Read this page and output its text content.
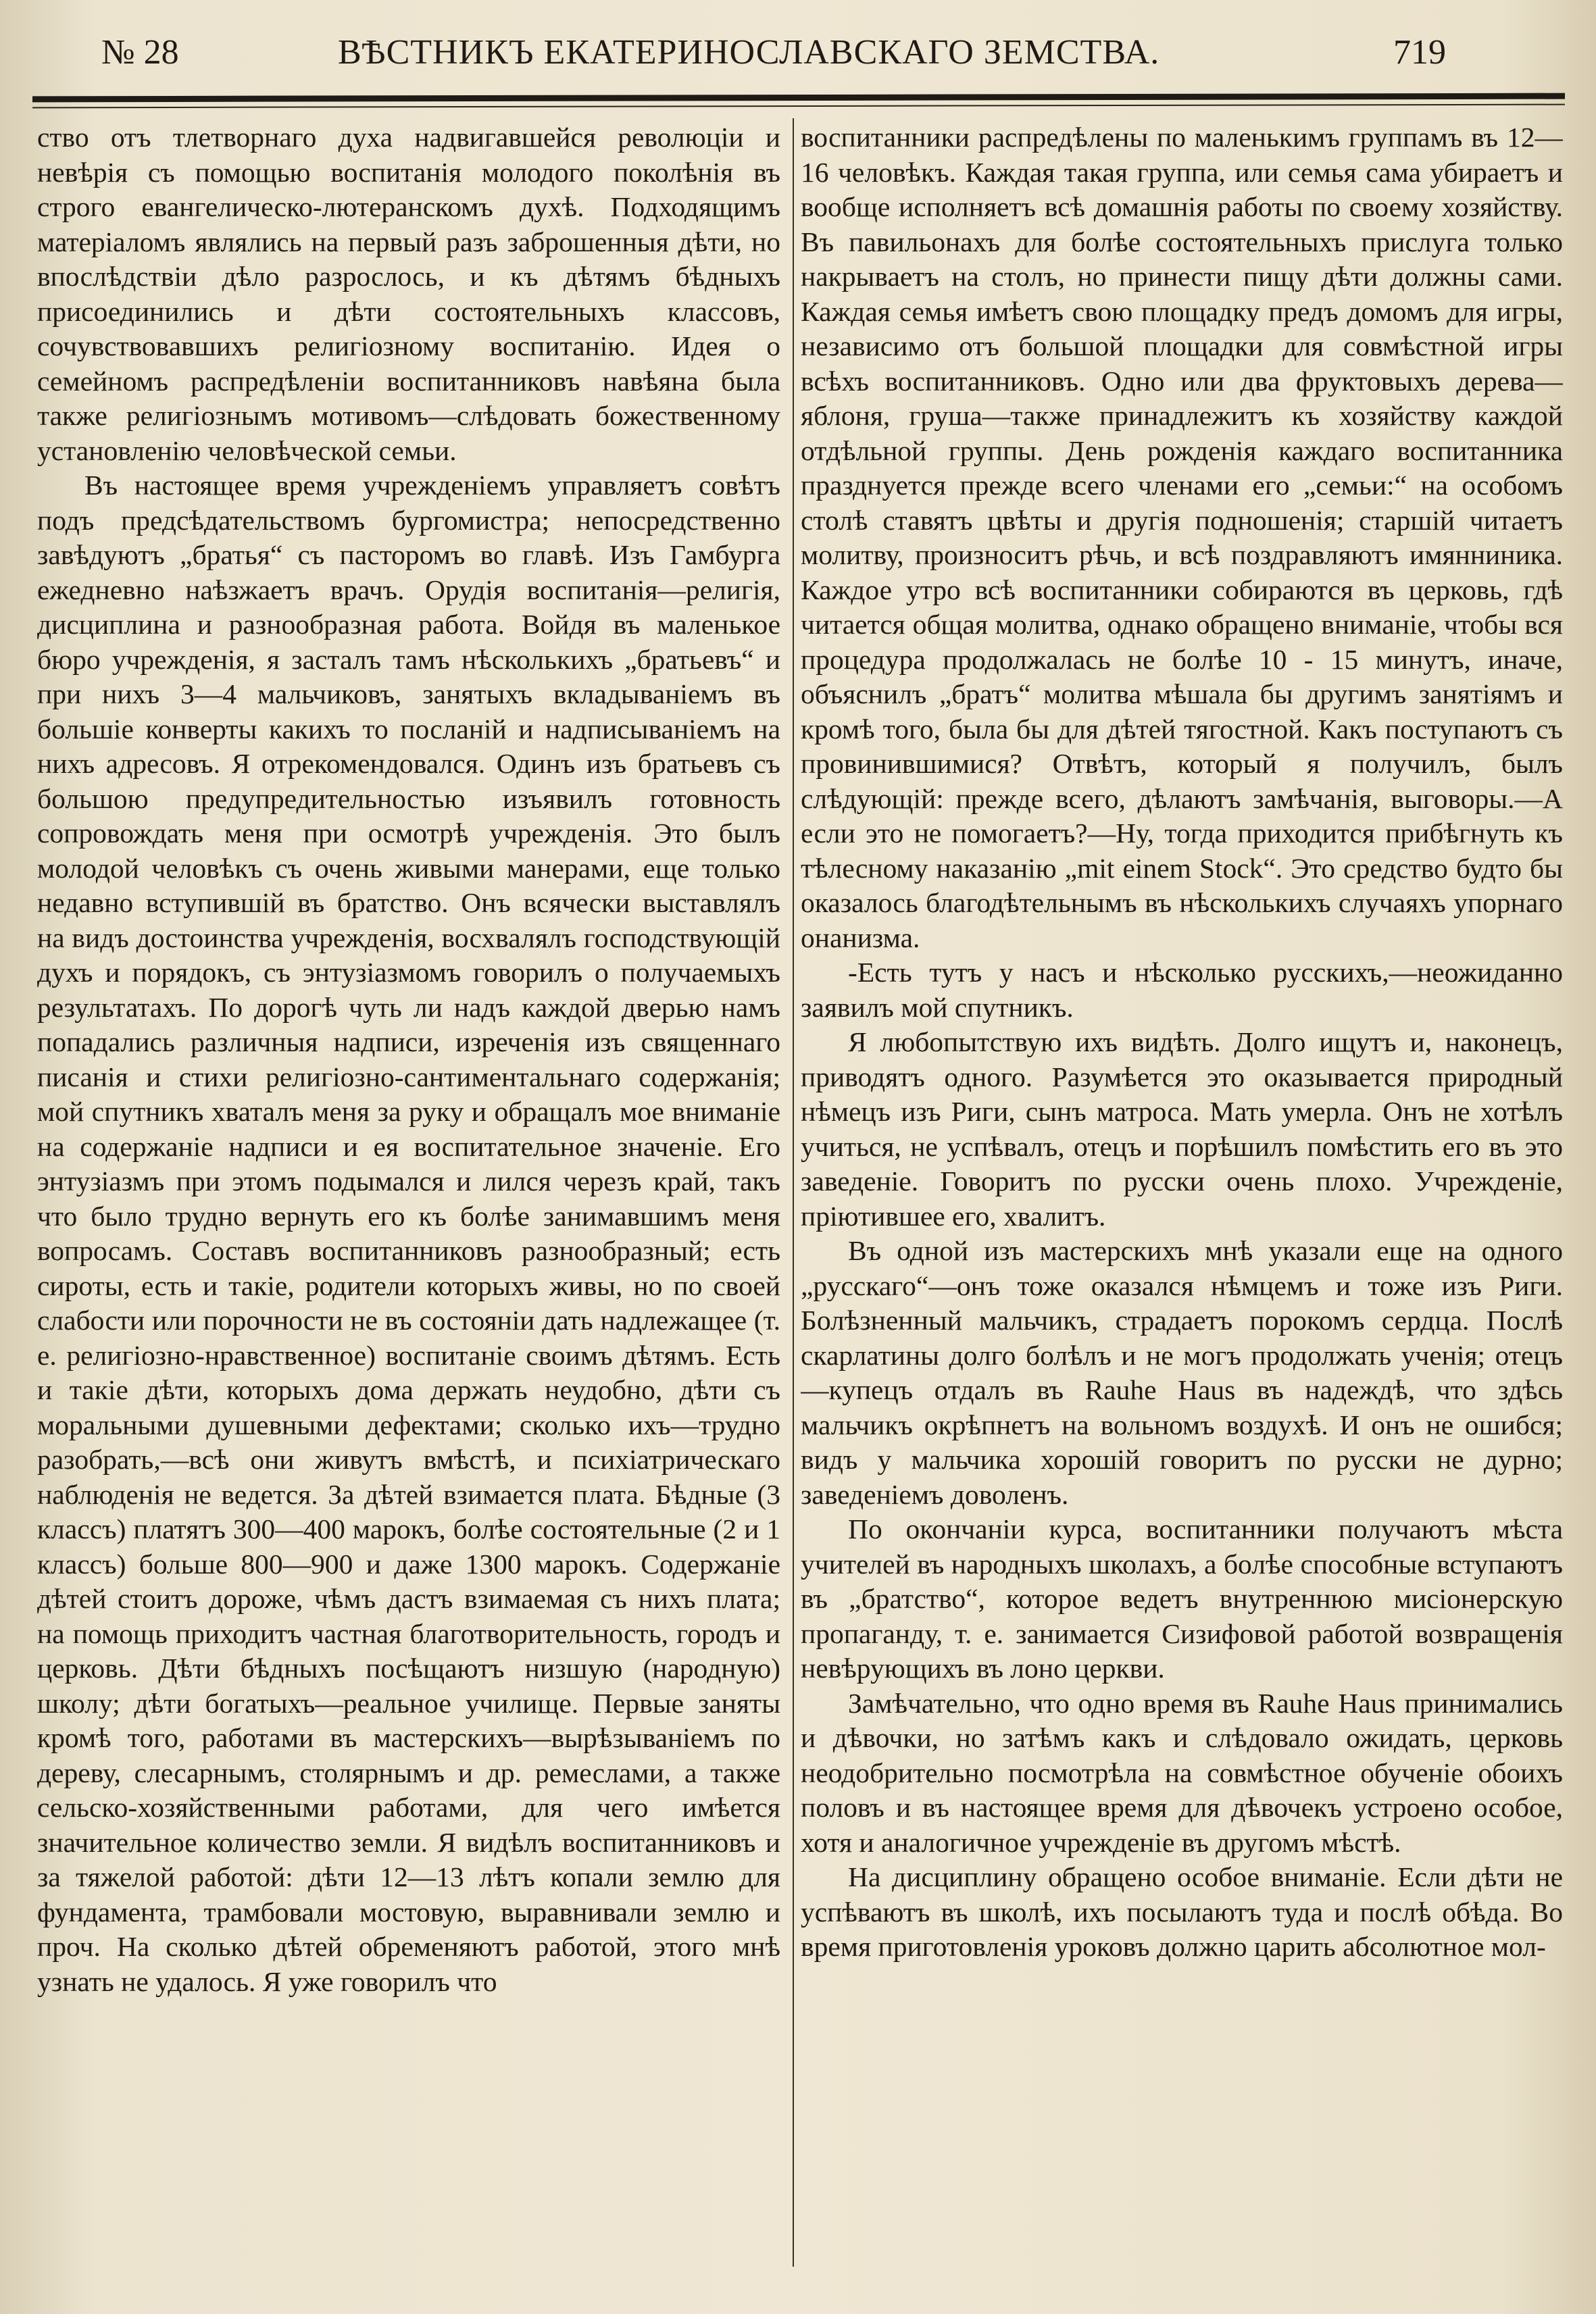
№ 28	ВѢСТНИКЪ ЕКАТЕРИНОСЛАВСКАГО ЗЕМСТВА.	719

ство отъ тлетворнаго духа надвигавшейся революціи и невѣрія съ помощью воспитанія молодого поколѣнія въ строго евангелическо-лютеранскомъ духѣ. Подходящимъ матеріаломъ являлись на первый разъ заброшенныя дѣти, но впослѣдствіи дѣло разрослось, и къ дѣтямъ бѣдныхъ присоединились и дѣти состоятельныхъ классовъ, сочувствовавшихъ религіозному воспитанію. Идея о семейномъ распредѣленіи воспитанниковъ навѣяна была также религіознымъ мотивомъ—слѣдовать божественному установленію человѣческой семьи.

Въ настоящее время учрежденіемъ управляетъ совѣтъ подъ предсѣдательствомъ бургомистра; непосредственно завѣдуютъ „братья“ съ пасторомъ во главѣ. Изъ Гамбурга ежедневно наѣзжаетъ врачъ. Орудія воспитанія—религія, дисциплина и разнообразная работа. Войдя въ маленькое бюро учрежденія, я засталъ тамъ нѣсколькихъ „братьевъ“ и при нихъ 3—4 мальчиковъ, занятыхъ вкладываніемъ въ большіе конверты какихъ то посланій и надписываніемъ на нихъ адресовъ. Я отрекомендовался. Одинъ изъ братьевъ съ большою предупредительностью изъявилъ готовность сопровождать меня при осмотрѣ учрежденія. Это былъ молодой человѣкъ съ очень живыми манерами, еще только недавно вступившій въ братство. Онъ всячески выставлялъ на видъ достоинства учрежденія, восхвалялъ господствующій духъ и порядокъ, съ энтузіазмомъ говорилъ о получаемыхъ результатахъ. По дорогѣ чуть ли надъ каждой дверью намъ попадались различныя надписи, изреченія изъ священнаго писанія и стихи религіозно-сантиментальнаго содержанія; мой спутникъ хваталъ меня за руку и обращалъ мое вниманіе на содержаніе надписи и ея воспитательное значеніе. Его энтузіазмъ при этомъ подымался и лился черезъ край, такъ что было трудно вернуть его къ болѣе занимавшимъ меня вопросамъ. Составъ воспитанниковъ разнообразный; есть сироты, есть и такіе, родители которыхъ живы, но по своей слабости или порочности не въ состояніи дать надлежащее (т. е. религіозно-нравственное) воспитаніе своимъ дѣтямъ. Есть и такіе дѣти, которыхъ дома держать неудобно, дѣти съ моральными душевными дефектами; сколько ихъ—трудно разобрать,—всѣ они живутъ вмѣстѣ, и психіатрическаго наблюденія не ведется. За дѣтей взимается плата. Бѣдные (3 классъ) платятъ 300—400 марокъ, болѣе состоятельные (2 и 1 классъ) больше 800—900 и даже 1300 марокъ. Содержаніе дѣтей стоитъ дороже, чѣмъ дастъ взимаемая съ нихъ плата; на помощь приходитъ частная благотворительность, городъ и церковь. Дѣти бѣдныхъ посѣщаютъ низшую (народную) школу; дѣти богатыхъ—реальное училище. Первые заняты кромѣ того, работами въ мастерскихъ—вырѣзываніемъ по дереву, слесарнымъ, столярнымъ и др. ремеслами, а также сельско-хозяйственными работами, для чего имѣется значительное количество земли. Я видѣлъ воспитанниковъ и за тяжелой работой: дѣти 12—13 лѣтъ копали землю для фундамента, трамбовали мостовую, выравнивали землю и проч. На сколько дѣтей обременяютъ работой, этого мнѣ узнать не удалось. Я уже говорилъ что

воспитанники распредѣлены по маленькимъ группамъ въ 12—16 человѣкъ. Каждая такая группа, или семья сама убираетъ и вообще исполняетъ всѣ домашнія работы по своему хозяйству. Въ павильонахъ для болѣе состоятельныхъ прислуга только накрываетъ на столъ, но принести пищу дѣти должны сами. Каждая семья имѣетъ свою площадку предъ домомъ для игры, независимо отъ большой площадки для совмѣстной игры всѣхъ воспитанниковъ. Одно или два фруктовыхъ дерева—яблоня, груша—также принадлежитъ къ хозяйству каждой отдѣльной группы. День рожденія каждаго воспитанника празднуется прежде всего членами его „семьи:“ на особомъ столѣ ставятъ цвѣты и другія подношенія; старшій читаетъ молитву, произноситъ рѣчь, и всѣ поздравляютъ имянниника. Каждое утро всѣ воспитанники собираются въ церковь, гдѣ читается общая молитва, однако обращено вниманіе, чтобы вся процедура продолжалась не болѣе 10 - 15 минутъ, иначе, объяснилъ „братъ“ молитва мѣшала бы другимъ занятіямъ и кромѣ того, была бы для дѣтей тягостной. Какъ поступаютъ съ провинившимися? Отвѣтъ, который я получилъ, былъ слѣдующій: прежде всего, дѣлаютъ замѣчанія, выговоры.—А если это не помогаетъ?—Ну, тогда приходится прибѣгнуть къ тѣлесному наказанію „mit einem Stock“. Это средство будто бы оказалось благодѣтельнымъ въ нѣсколькихъ случаяхъ упорнаго онанизма.

-Есть тутъ у насъ и нѣсколько русскихъ,—неожиданно заявилъ мой спутникъ.

Я любопытствую ихъ видѣть. Долго ищутъ и, наконецъ, приводятъ одного. Разумѣется это оказывается природный нѣмецъ изъ Риги, сынъ матроса. Мать умерла. Онъ не хотѣлъ учиться, не успѣвалъ, отецъ и порѣшилъ помѣстить его въ это заведеніе. Говоритъ по русски очень плохо. Учрежденіе, пріютившее его, хвалитъ.

Въ одной изъ мастерскихъ мнѣ указали еще на одного „русскаго“—онъ тоже оказался нѣмцемъ и тоже изъ Риги. Болѣзненный мальчикъ, страдаетъ порокомъ сердца. Послѣ скарлатины долго болѣлъ и не могъ продолжать ученія; отецъ—купецъ отдалъ въ Rauhe Haus въ надеждѣ, что здѣсь мальчикъ окрѣпнетъ на вольномъ воздухѣ. И онъ не ошибся; видъ у мальчика хорошій говоритъ по русски не дурно; заведеніемъ доволенъ.

По окончаніи курса, воспитанники получаютъ мѣста учителей въ народныхъ школахъ, а болѣе способные вступаютъ въ „братство“, которое ведетъ внутреннюю мисіонерскую пропаганду, т. е. занимается Сизифовой работой возвращенія невѣрующихъ въ лоно церкви.

Замѣчательно, что одно время въ Rauhe Haus принимались и дѣвочки, но затѣмъ какъ и слѣдовало ожидать, церковь неодобрительно посмотрѣла на совмѣстное обученіе обоихъ половъ и въ настоящее время для дѣвочекъ устроено особое, хотя и аналогичное учрежденіе въ другомъ мѣстѣ.

На дисциплину обращено особое вниманіе. Если дѣти не успѣваютъ въ школѣ, ихъ посылаютъ туда и послѣ обѣда. Во время приготовленія уроковъ должно царить абсолютное мол-
